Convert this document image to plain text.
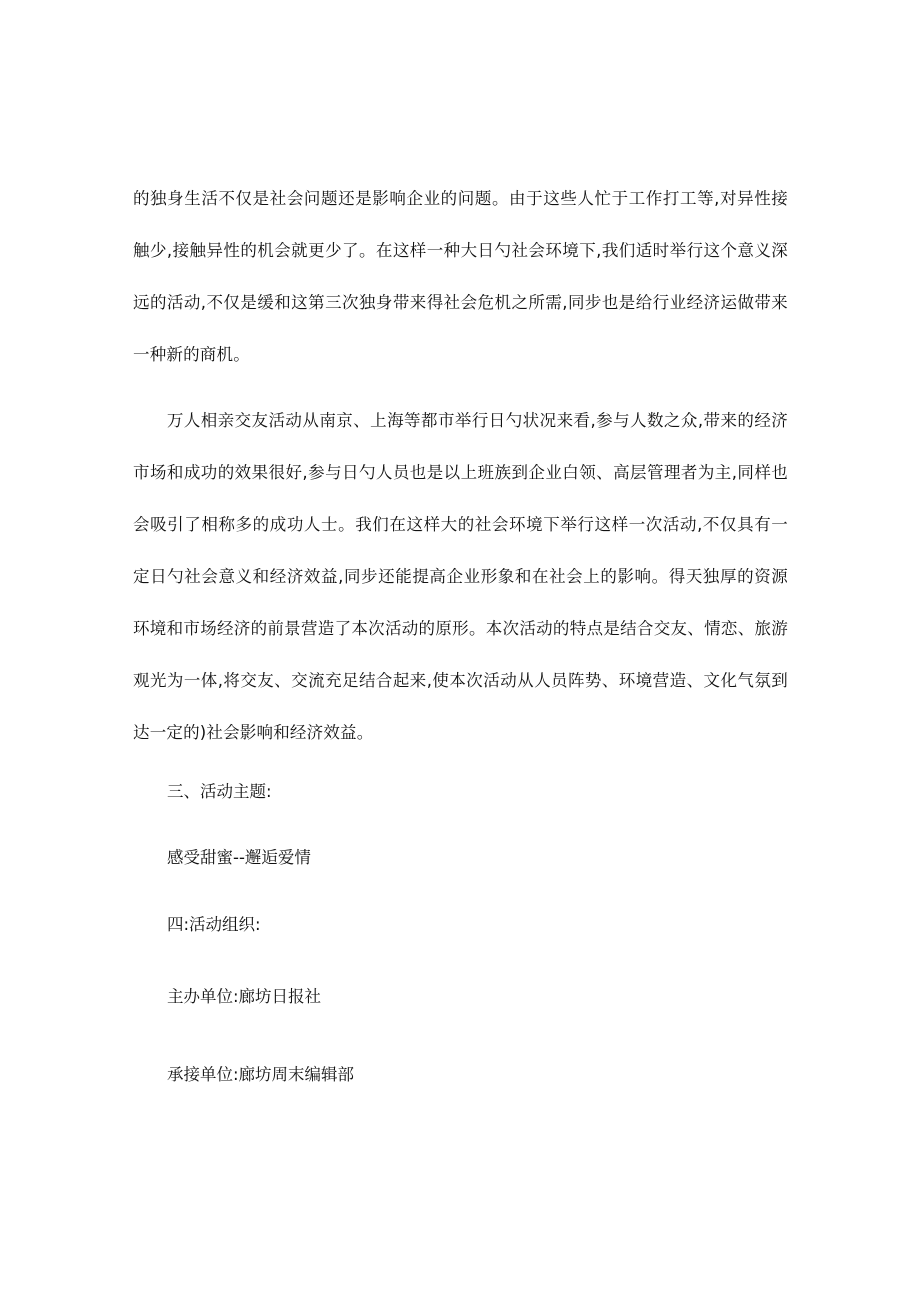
的独身生活不仅是社会问题还是影响企业的问题。由于这些人忙于工作打工等,对异性接触少,接触异性的机会就更少了。在这样一种大日勺社会环境下,我们适时举行这个意义深远的活动,不仅是缓和这第三次独身带来得社会危机之所需,同步也是给行业经济运做带来一种新的商机。

万人相亲交友活动从南京、上海等都市举行日勺状况来看,参与人数之众,带来的经济市场和成功的效果很好,参与日勺人员也是以上班族到企业白领、高层管理者为主,同样也会吸引了相称多的成功人士。我们在这样大的社会环境下举行这样一次活动,不仅具有一定日勺社会意义和经济效益,同步还能提高企业形象和在社会上的影响。得天独厚的资源环境和市场经济的前景营造了本次活动的原形。本次活动的特点是结合交友、情恋、旅游观光为一体,将交友、交流充足结合起来,使本次活动从人员阵势、环境营造、文化气氛到达一定的)社会影响和经济效益。

三、活动主题:
感受甜蜜--邂逅爱情
四:活动组织:
主办单位:廊坊日报社
承接单位:廊坊周末编辑部
